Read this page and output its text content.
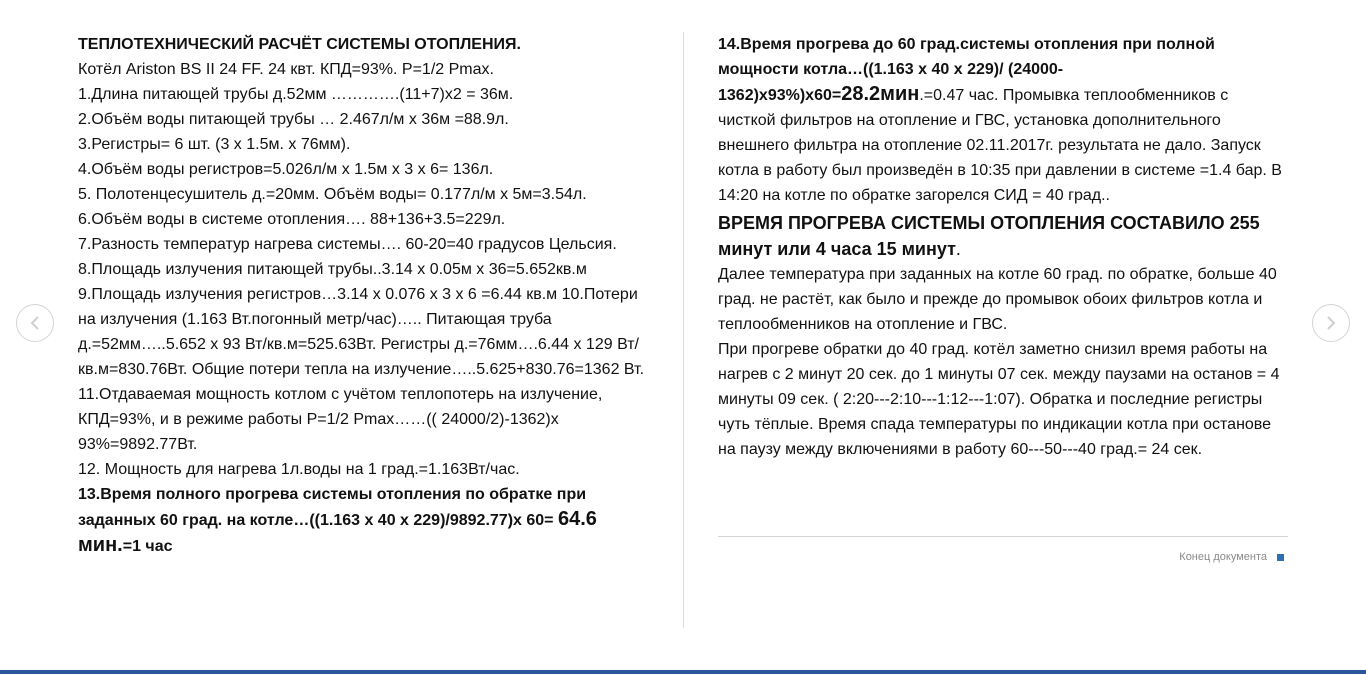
ТЕПЛОТЕХНИЧЕСКИЙ РАСЧЁТ СИСТЕМЫ ОТОПЛЕНИЯ.

Котёл Ariston BS II 24 FF. 24 квт. КПД=93%. P=1/2 Pmax.

1.Длина питающей трубы д.52мм ………….(11+7)x2 = 36м.

2.Объём воды питающей трубы … 2.467л/м x 36м =88.9л.

3.Регистры= 6 шт. (3 x 1.5м. x 76мм).

4.Объём воды регистров=5.026л/м x 1.5м x 3 x 6= 136л.

5. Полотенцесушитель д.=20мм. Объём воды= 0.177л/м x 5м=3.54л.

6.Объём воды в системе отопления…. 88+136+3.5=229л.

7.Разность температур нагрева системы…. 60-20=40 градусов Цельсия. 8.Площадь излучения питающей трубы..3.14 x 0.05м x 36=5.652кв.м 9.Площадь излучения регистров…3.14 x 0.076 x 3 x 6 =6.44 кв.м 10.Потери на излучения (1.163 Вт.погонный метр/час)….. Питающая труба д.=52мм…..5.652 x 93 Вт/кв.м=525.63Вт. Регистры д.=76мм….6.44 x 129 Вт/кв.м=830.76Вт. Общие потери тепла на излучение…..5.625+830.76=1362 Вт. 11.Отдаваемая мощность котлом с учётом теплопотерь на излучение, КПД=93%, и в режиме работы P=1/2 Pmax……(( 24000/2)-1362)x 93%=9892.77Вт.

12. Мощность для нагрева 1л.воды на 1 град.=1.163Вт/час.

13.Время полного прогрева системы отопления по обратке при заданных 60 град. на котле…((1.163 x 40 x 229)/9892.77)x 60= 64.6 мин.=1 час

14.Время прогрева до 60 град.системы отопления при полной мощности котла…((1.163 x 40 x 229)/ (24000-1362)x93%)x60=28.2мин.=0.47 час. Промывка теплообменников с чисткой фильтров на отопление и ГВС, установка дополнительного внешнего фильтра на отопление 02.11.2017г. результата не дало. Запуск котла в работу был произведён в 10:35 при давлении в системе =1.4 бар. В 14:20 на котле по обратке загорелся СИД = 40 град..

ВРЕМЯ ПРОГРЕВА СИСТЕМЫ ОТОПЛЕНИЯ СОСТАВИЛО 255 минут или 4 часа 15 минут.

Далее температура при заданных на котле 60 град. по обратке, больше 40 град. не растёт, как было и прежде до промывок обоих фильтров котла и теплообменников на отопление и ГВС.

При прогреве обратки до 40 град. котёл заметно снизил время работы на нагрев с 2 минут 20 сек. до 1 минуты 07 сек. между паузами на останов = 4 минуты 09 сек. ( 2:20---2:10---1:12---1:07). Обратка и последние регистры чуть тёплые. Время спада температуры по индикации котла при останове на паузу между включениями в работу 60---50---40 град.= 24 сек.

Конец документа
